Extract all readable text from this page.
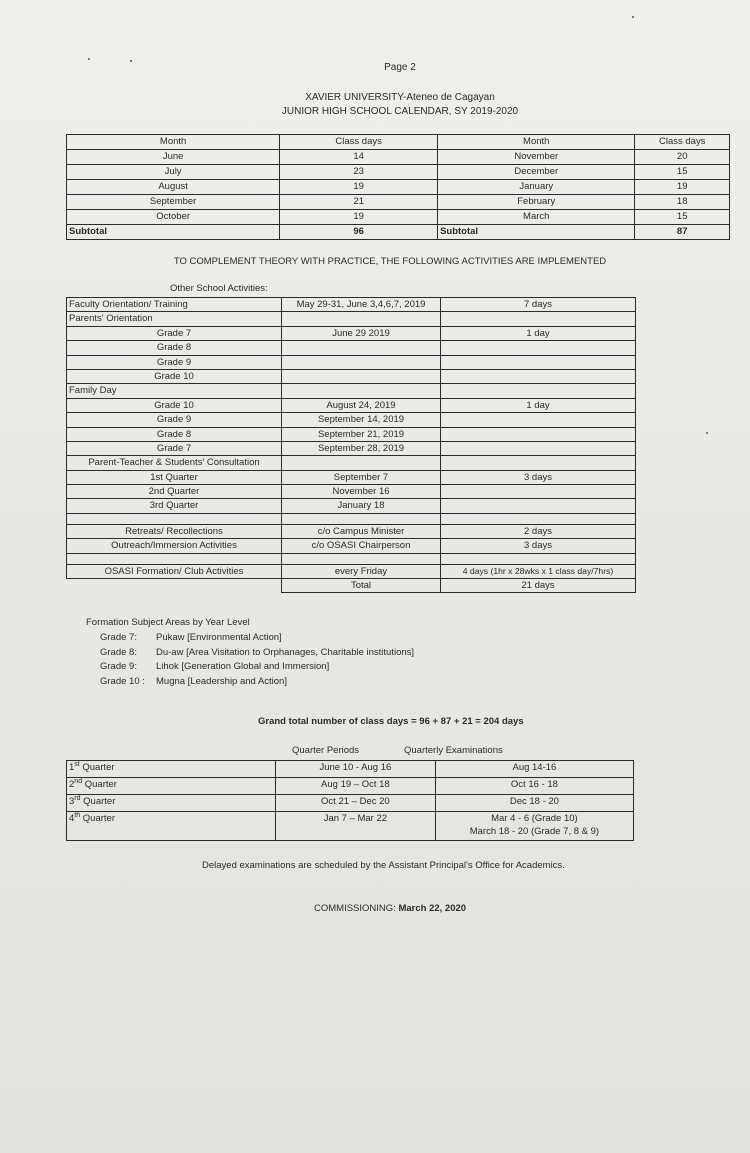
Page 2
XAVIER UNIVERSITY-Ateneo de Cagayan
JUNIOR HIGH SCHOOL CALENDAR, SY 2019-2020
Month	Class days	Month	Class days
June	14	November	20
July	23	December	15
August	19	January	19
September	21	February	18
October	19	March	15
Subtotal	96	Subtotal	87
TO COMPLEMENT THEORY WITH PRACTICE, THE FOLLOWING ACTIVITIES ARE IMPLEMENTED
Other School Activities:
Faculty Orientation/ Training	May 29-31, June 3,4,6,7, 2019	7 days
Parents' Orientation		
Grade 7	June 29 2019	1 day
Grade 8		
Grade 9		
Grade 10		
Family Day		
Grade 10	August 24, 2019	1 day
Grade 9	September 14, 2019	
Grade 8	September 21, 2019	
Grade 7	September 28, 2019	
Parent-Teacher & Students' Consultation		
1st Quarter	September 7	3 days
2nd Quarter	November 16	
3rd Quarter	January 18	

Retreats/ Recollections	c/o Campus Minister	2 days
Outreach/Immersion Activities	c/o OSASI Chairperson	3 days

OSASI Formation/ Club Activities	every Friday	4 days (1hr x 28wks x 1 class day/7hrs)
	Total	21 days
Formation Subject Areas by Year Level
Grade 7:	Pukaw [Environmental Action]
Grade 8:	Du-aw [Area Visitation to Orphanages, Charitable institutions]
Grade 9:	Lihok [Generation Global and Immersion]
Grade 10 :	Mugna [Leadership and Action]
Grand total number of class days = 96 + 87 + 21 = 204 days
Quarter Periods	Quarterly Examinations
1st Quarter	June 10 - Aug 16	Aug 14-16
2nd Quarter	Aug 19 – Oct 18	Oct 16 - 18
3rd Quarter	Oct 21 – Dec 20	Dec 18 - 20
4th Quarter	Jan 7 – Mar 22	Mar 4 - 6 (Grade 10)
March 18 - 20 (Grade 7, 8 & 9)
Delayed examinations are scheduled by the Assistant Principal's Office for Academics.
COMMISSIONING: March 22, 2020
